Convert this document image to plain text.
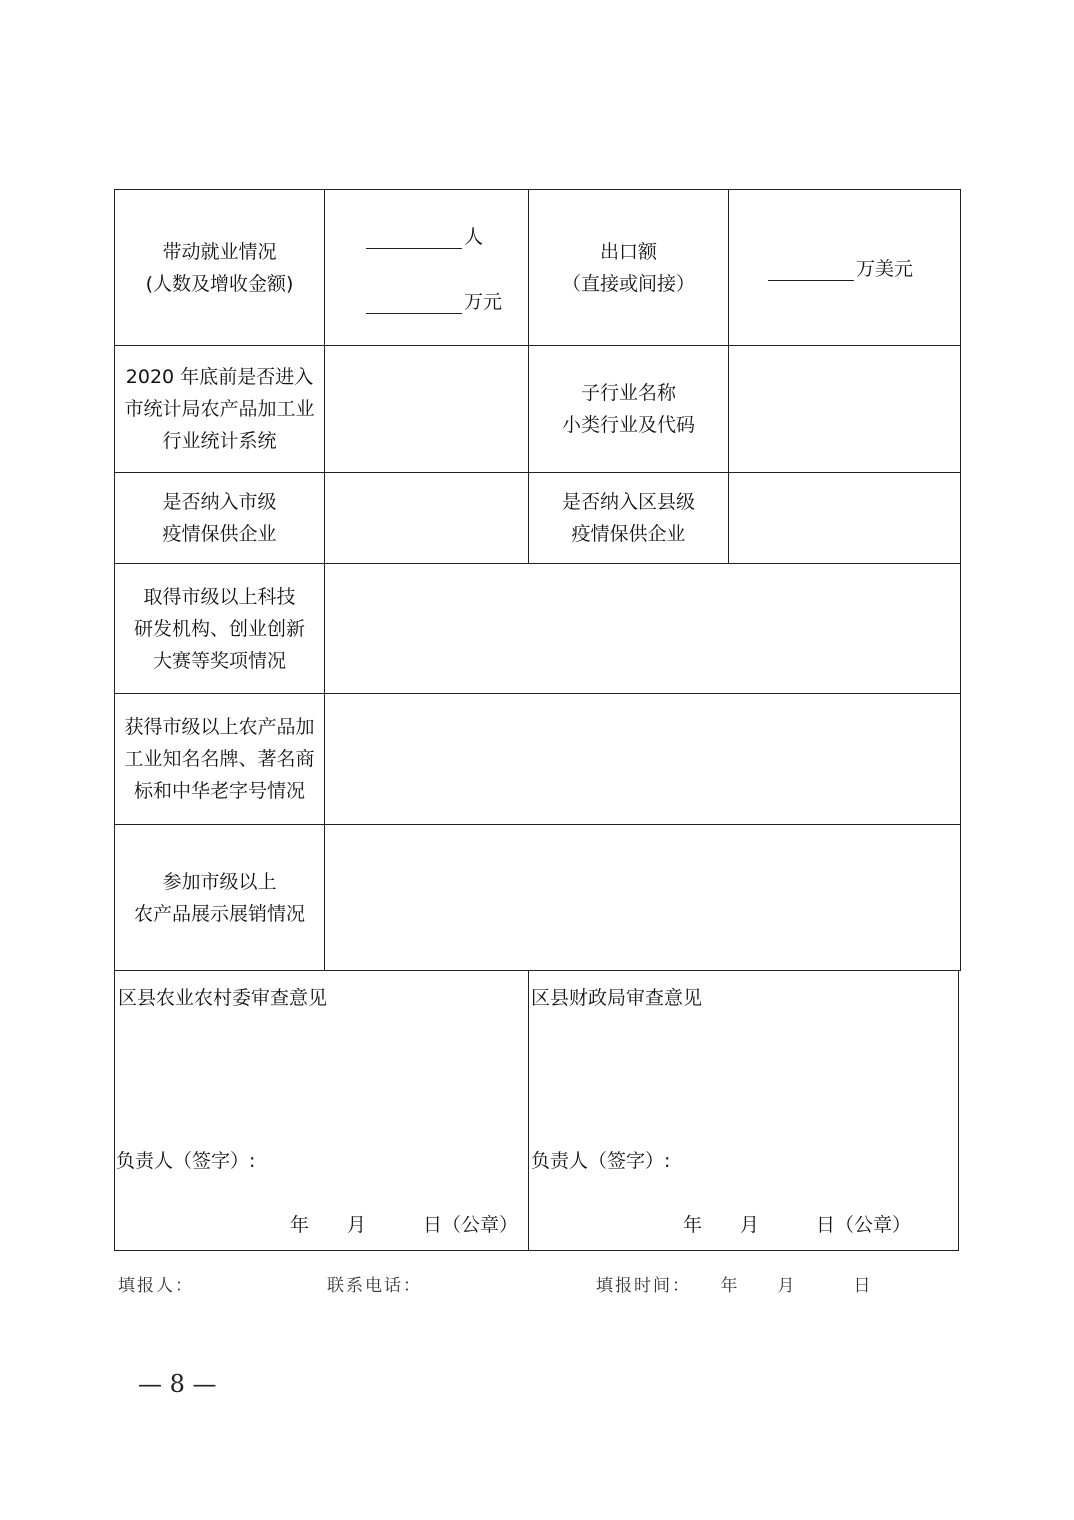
带动就业情况
(人数及增收金额)
人
万元
出口额
（直接或间接）
万美元
2020 年底前是否进入
市统计局农产品加工业
行业统计系统
子行业名称
小类行业及代码
是否纳入市级
疫情保供企业
是否纳入区县级
疫情保供企业
取得市级以上科技
研发机构、创业创新
大赛等奖项情况
获得市级以上农产品加
工业知名名牌、著名商
标和中华老字号情况
参加市级以上
农产品展示展销情况
区县农业农村委审查意见
负责人（签字）:
年　　月　　　日（公章）
区县财政局审查意见
负责人（签字）:
年　　月　　　日（公章）
填报人：	联系电话：	填报时间：　　年　　月　　　日
— 8 —
